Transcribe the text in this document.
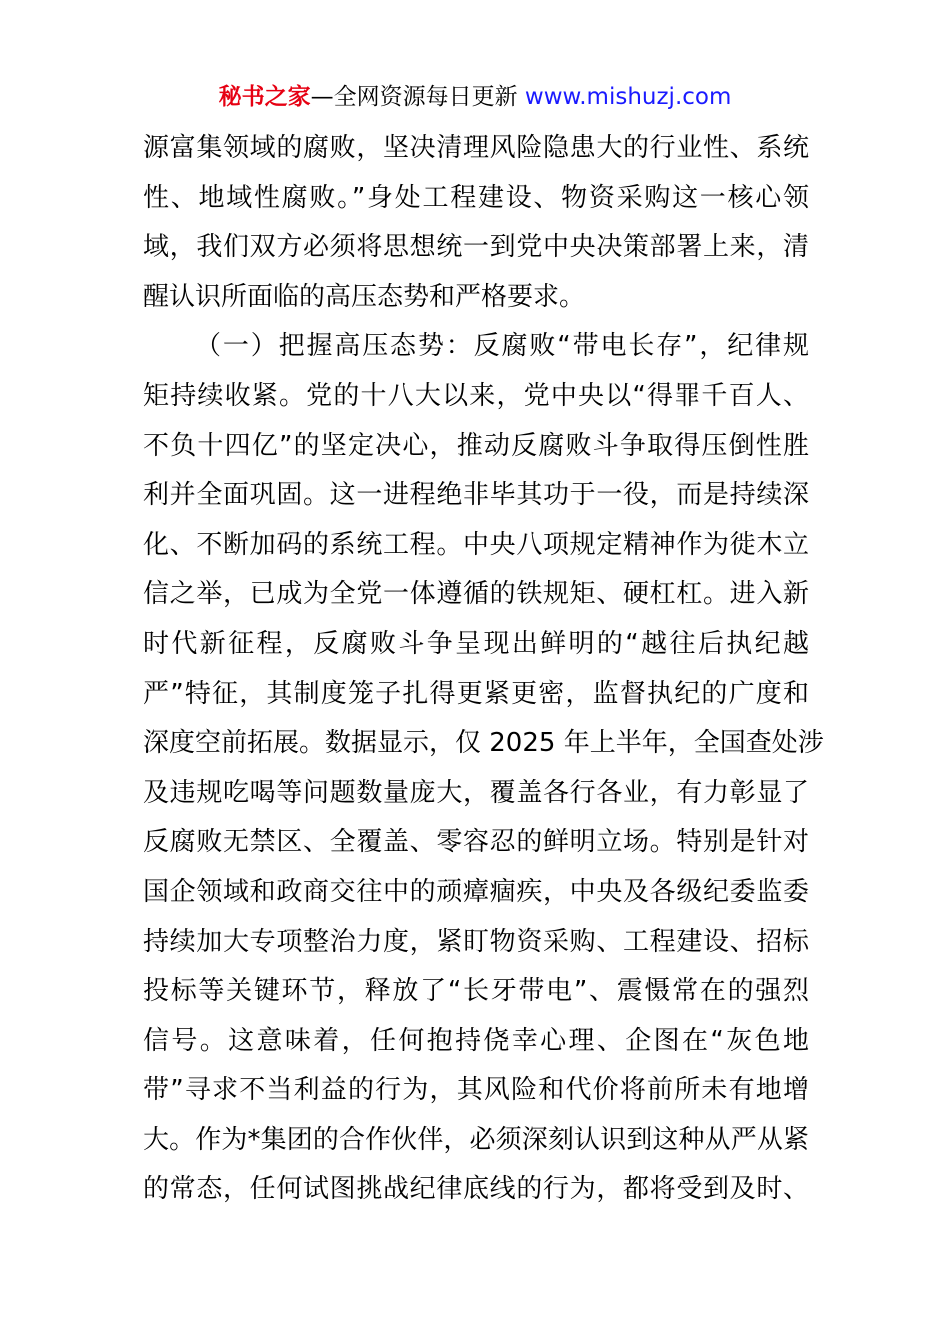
秘书之家—全网资源每日更新 www.mishuzj.com
源富集领域的腐败，坚决清理风险隐患大的行业性、系统
性、地域性腐败。”身处工程建设、物资采购这一核心领
域，我们双方必须将思想统一到党中央决策部署上来，清
醒认识所面临的高压态势和严格要求。
（一）把握高压态势：反腐败“带电长存”，纪律规
矩持续收紧。党的十八大以来，党中央以“得罪千百人、
不负十四亿”的坚定决心，推动反腐败斗争取得压倒性胜
利并全面巩固。这一进程绝非毕其功于一役，而是持续深
化、不断加码的系统工程。中央八项规定精神作为徙木立
信之举，已成为全党一体遵循的铁规矩、硬杠杠。进入新
时代新征程，反腐败斗争呈现出鲜明的“越往后执纪越
严”特征，其制度笼子扎得更紧更密，监督执纪的广度和
深度空前拓展。数据显示，仅 2025 年上半年，全国查处涉
及违规吃喝等问题数量庞大，覆盖各行各业，有力彰显了
反腐败无禁区、全覆盖、零容忍的鲜明立场。特别是针对
国企领域和政商交往中的顽瘴痼疾，中央及各级纪委监委
持续加大专项整治力度，紧盯物资采购、工程建设、招标
投标等关键环节，释放了“长牙带电”、震慑常在的强烈
信号。这意味着，任何抱持侥幸心理、企图在“灰色地
带”寻求不当利益的行为，其风险和代价将前所未有地增
大。作为*集团的合作伙伴，必须深刻认识到这种从严从紧
的常态，任何试图挑战纪律底线的行为，都将受到及时、
